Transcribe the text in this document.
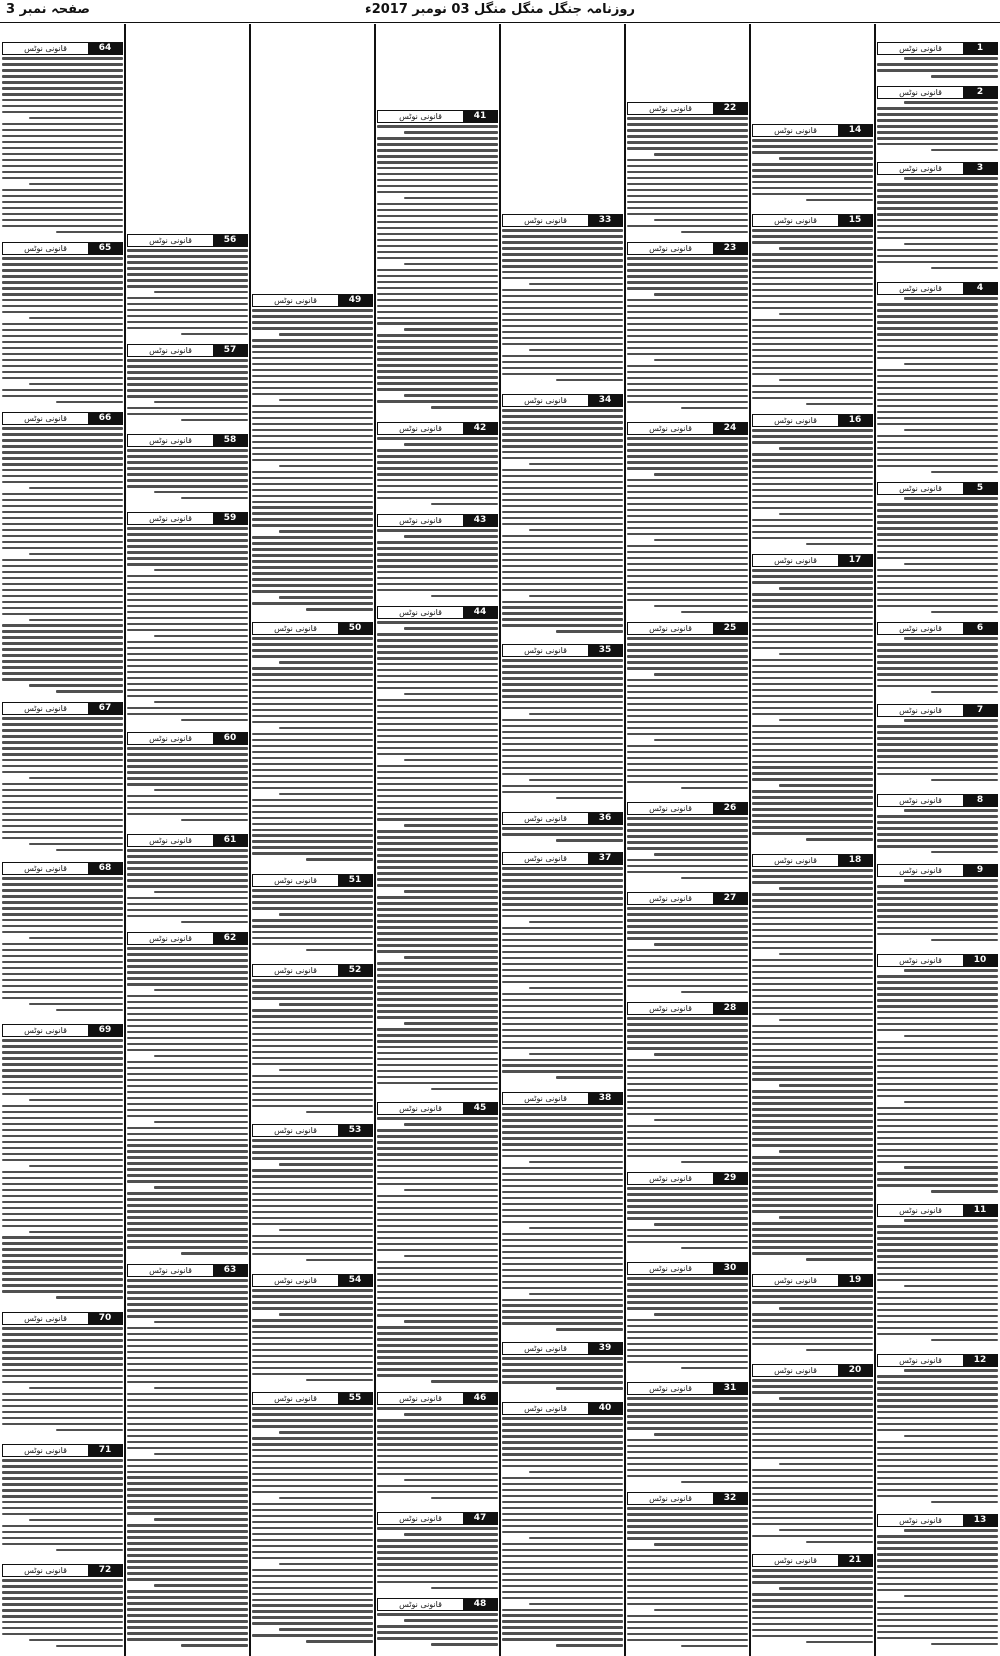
صفحہ نمبر 3	روزنامہ جنگل منگل منگل 03 نومبر 2017ء
قانونی نوٹس	1
قانونی نوٹس	2
قانونی نوٹس	3
قانونی نوٹس	4
قانونی نوٹس	5
قانونی نوٹس	6
قانونی نوٹس	7
قانونی نوٹس	8
قانونی نوٹس	9
قانونی نوٹس	10
قانونی نوٹس	11
قانونی نوٹس	12
قانونی نوٹس	13
قانونی نوٹس	14
قانونی نوٹس	15
قانونی نوٹس	16
قانونی نوٹس	17
قانونی نوٹس	18
قانونی نوٹس	19
قانونی نوٹس	20
قانونی نوٹس	21
قانونی نوٹس	22
قانونی نوٹس	23
قانونی نوٹس	24
قانونی نوٹس	25
قانونی نوٹس	26
قانونی نوٹس	27
قانونی نوٹس	28
قانونی نوٹس	29
قانونی نوٹس	30
قانونی نوٹس	31
قانونی نوٹس	32
قانونی نوٹس	33
قانونی نوٹس	34
قانونی نوٹس	35
قانونی نوٹس	36
قانونی نوٹس	37
قانونی نوٹس	38
قانونی نوٹس	39
قانونی نوٹس	40
قانونی نوٹس	41
قانونی نوٹس	42
قانونی نوٹس	43
قانونی نوٹس	44
قانونی نوٹس	45
قانونی نوٹس	46
قانونی نوٹس	47
قانونی نوٹس	48
قانونی نوٹس	49
قانونی نوٹس	50
قانونی نوٹس	51
قانونی نوٹس	52
قانونی نوٹس	53
قانونی نوٹس	54
قانونی نوٹس	55
قانونی نوٹس	56
قانونی نوٹس	57
قانونی نوٹس	58
قانونی نوٹس	59
قانونی نوٹس	60
قانونی نوٹس	61
قانونی نوٹس	62
قانونی نوٹس	63
قانونی نوٹس	64
قانونی نوٹس	65
قانونی نوٹس	66
قانونی نوٹس	67
قانونی نوٹس	68
قانونی نوٹس	69
قانونی نوٹس	70
قانونی نوٹس	71
قانونی نوٹس	72
